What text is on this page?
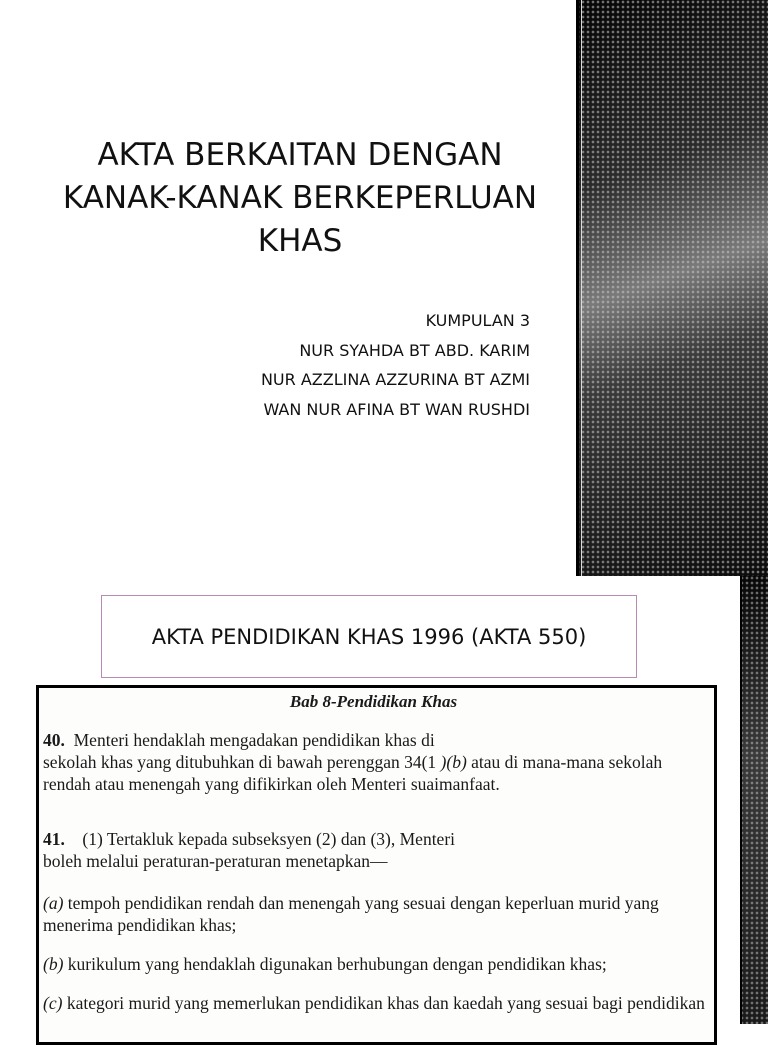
AKTA BERKAITAN DENGAN
KANAK-KANAK BERKEPERLUAN
KHAS
KUMPULAN 3
NUR SYAHDA BT ABD. KARIM
NUR AZZLINA AZZURINA BT AZMI
WAN NUR AFINA BT WAN RUSHDI
AKTA PENDIDIKAN KHAS 1996 (AKTA 550)
Bab 8-Pendidikan Khas
40. Menteri hendaklah mengadakan pendidikan khas di
sekolah khas yang ditubuhkan di bawah perenggan 34(1 )(b) atau di mana-mana sekolah
rendah atau menengah yang difikirkan oleh Menteri suaimanfaat.
41. (1) Tertakluk kepada subseksyen (2) dan (3), Menteri
boleh melalui peraturan-peraturan menetapkan—
(a) tempoh pendidikan rendah dan menengah yang sesuai dengan keperluan murid yang
menerima pendidikan khas;
(b) kurikulum yang hendaklah digunakan berhubungan dengan pendidikan khas;
(c) kategori murid yang memerlukan pendidikan khas dan kaedah yang sesuai bagi pendidikan
